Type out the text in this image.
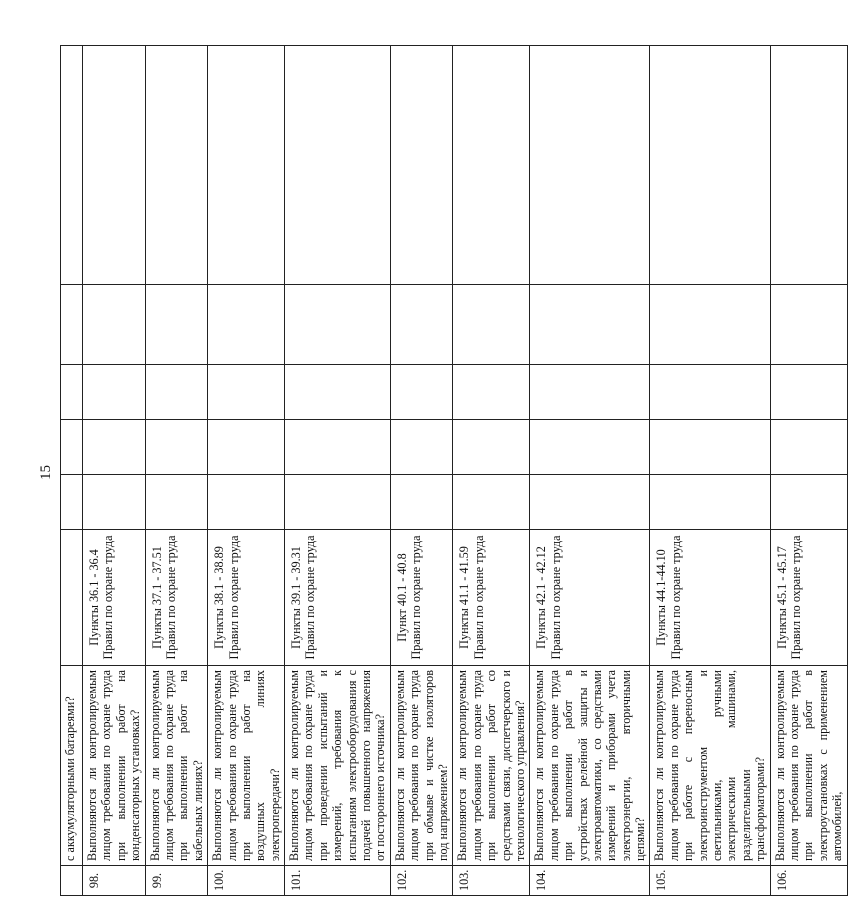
15
	с аккумуляторными батареями?						
98.	Выполняются ли контролируемым лицом требования по охране труда при выполнении работ на конденсаторных установках?	Пункты 36.1 - 36.4 Правил по охране труда					
99.	Выполняются ли контролируемым лицом требования по охране труда при выполнении работ на кабельных линиях?	Пункты 37.1 - 37.51 Правил по охране труда					
100.	Выполняются ли контролируемым лицом требования по охране труда при выполнении работ на воздушных линиях электропередачи?	Пункты 38.1 - 38.89 Правил по охране труда					
101.	Выполняются ли контролируемым лицом требования по охране труда при проведении испытаний и измерений, требования к испытаниям электрооборудования с подачей повышенного напряжения от постороннего источника?	Пункты 39.1 - 39.31 Правил по охране труда					
102.	Выполняются ли контролируемым лицом требования по охране труда при обмыве и чистке изоляторов под напряжением?	Пункт 40.1 - 40.8 Правил по охране труда					
103.	Выполняются ли контролируемым лицом требования по охране труда при выполнении работ со средствами связи, диспетчерского и технологического управления?	Пункты 41.1 - 41.59 Правил по охране труда					
104.	Выполняются ли контролируемым лицом требования по охране труда при выполнении работ в устройствах релейной защиты и электроавтоматики, со средствами измерений и приборами учета электроэнергии, вторичными цепями?	Пункты 42.1 - 42.12 Правил по охране труда					
105.	Выполняются ли контролируемым лицом требования по охране труда при работе с переносным электроинструментом и светильниками, ручными электрическими машинами, разделительными трансформаторами?	Пункты 44.1-44.10 Правил по охране труда					
106.	Выполняются ли контролируемым лицом требования по охране труда при выполнении работ в электроустановках с применением автомобилей,	Пункты 45.1 - 45.17 Правил по охране труда					
